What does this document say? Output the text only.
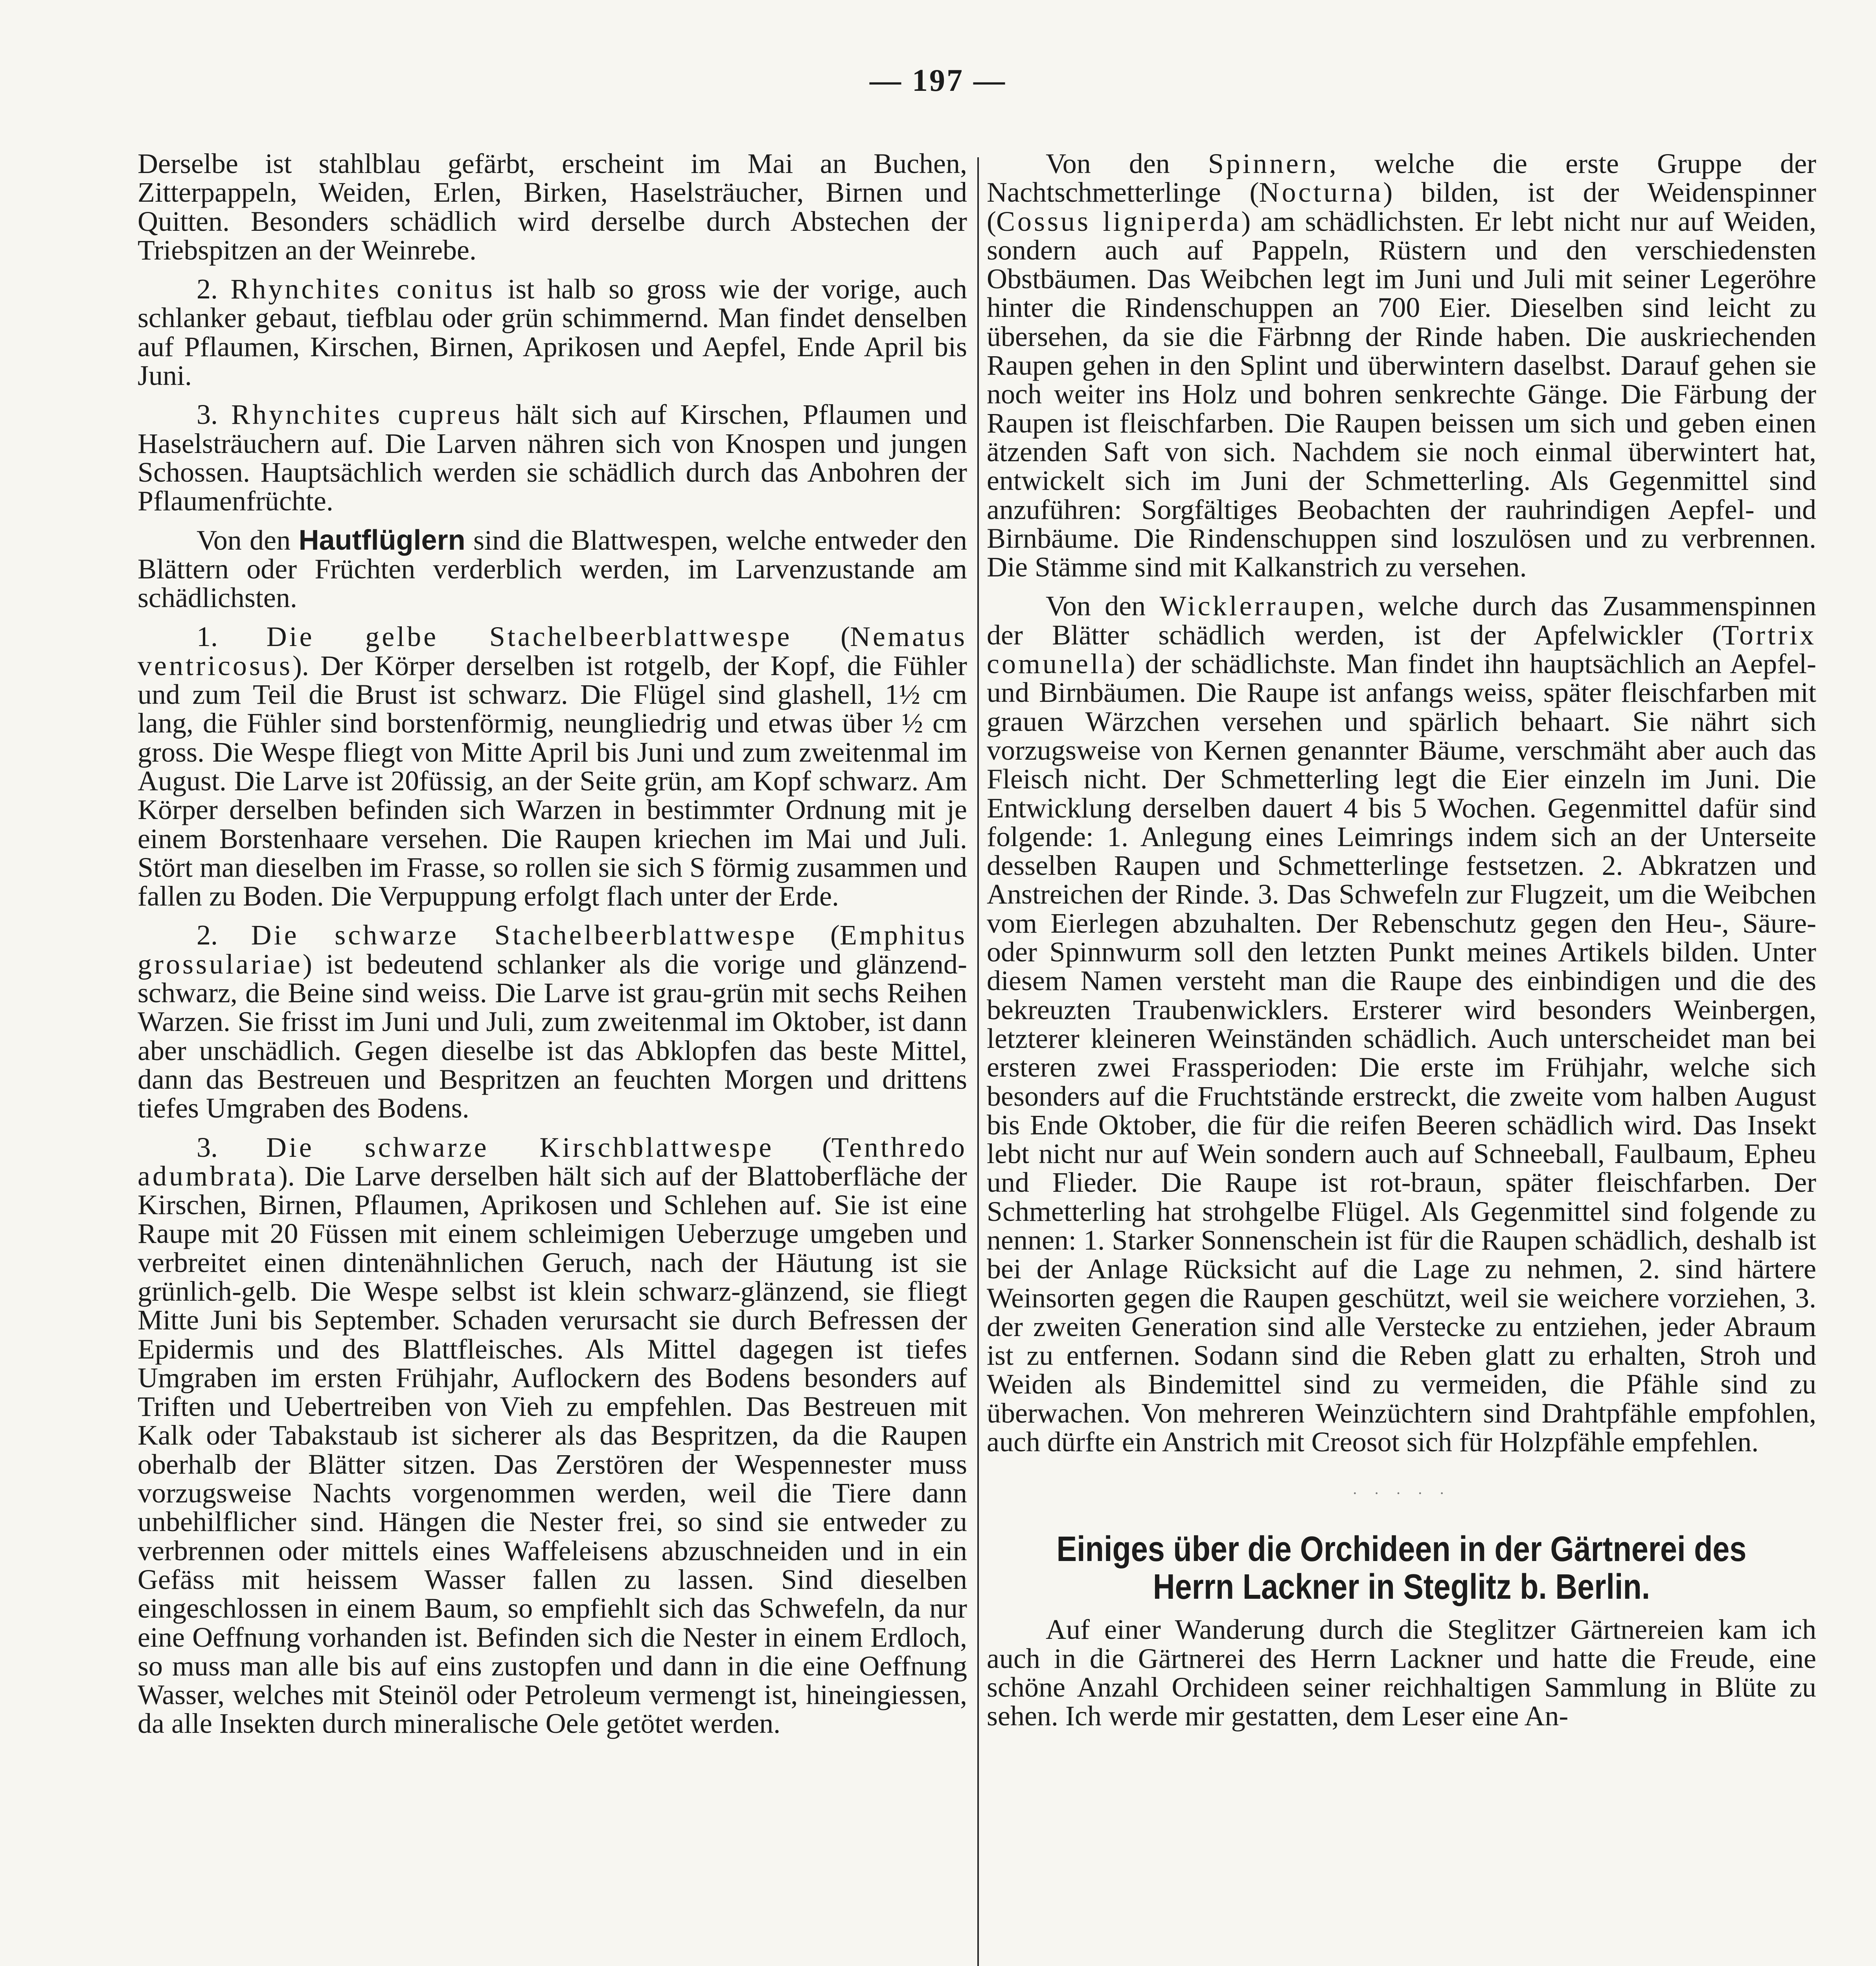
— 197 —

Derselbe ist stahlblau gefärbt, erscheint im Mai an Buchen, Zitterpappeln, Weiden, Erlen, Birken, Haselsträucher, Birnen und Quitten. Besonders schädlich wird derselbe durch Abstechen der Triebspitzen an der Weinrebe.

2. Rhynchites conitus ist halb so gross wie der vorige, auch schlanker gebaut, tiefblau oder grün schimmernd. Man findet denselben auf Pflaumen, Kirschen, Birnen, Aprikosen und Aepfel, Ende April bis Juni.

3. Rhynchites cupreus hält sich auf Kirschen, Pflaumen und Haselsträuchern auf. Die Larven nähren sich von Knospen und jungen Schossen. Hauptsächlich werden sie schädlich durch das Anbohren der Pflaumenfrüchte.

Von den Hautflüglern sind die Blattwespen, welche entweder den Blättern oder Früchten verderblich werden, im Larvenzustande am schädlichsten.

1. Die gelbe Stachelbeerblattwespe (Nematus ventricosus). Der Körper derselben ist rotgelb, der Kopf, die Fühler und zum Teil die Brust ist schwarz. Die Flügel sind glashell, 1½ cm lang, die Fühler sind borstenförmig, neungliedrig und etwas über ½ cm gross. Die Wespe fliegt von Mitte April bis Juni und zum zweitenmal im August. Die Larve ist 20füssig, an der Seite grün, am Kopf schwarz. Am Körper derselben befinden sich Warzen in bestimmter Ordnung mit je einem Borstenhaare versehen. Die Raupen kriechen im Mai und Juli. Stört man dieselben im Frasse, so rollen sie sich S förmig zusammen und fallen zu Boden. Die Verpuppung erfolgt flach unter der Erde.

2. Die schwarze Stachelbeerblattwespe (Emphitus grossulariae) ist bedeutend schlanker als die vorige und glänzend-schwarz, die Beine sind weiss. Die Larve ist grau-grün mit sechs Reihen Warzen. Sie frisst im Juni und Juli, zum zweitenmal im Oktober, ist dann aber unschädlich. Gegen dieselbe ist das Abklopfen das beste Mittel, dann das Bestreuen und Bespritzen an feuchten Morgen und drittens tiefes Umgraben des Bodens.

3. Die schwarze Kirschblattwespe (Tenthredo adumbrata). Die Larve derselben hält sich auf der Blattoberfläche der Kirschen, Birnen, Pflaumen, Aprikosen und Schlehen auf. Sie ist eine Raupe mit 20 Füssen mit einem schleimigen Ueberzuge umgeben und verbreitet einen dintenähnlichen Geruch, nach der Häutung ist sie grünlich-gelb. Die Wespe selbst ist klein schwarz-glänzend, sie fliegt Mitte Juni bis September. Schaden verursacht sie durch Befressen der Epidermis und des Blattfleisches. Als Mittel dagegen ist tiefes Umgraben im ersten Frühjahr, Auflockern des Bodens besonders auf Triften und Uebertreiben von Vieh zu empfehlen. Das Bestreuen mit Kalk oder Tabakstaub ist sicherer als das Bespritzen, da die Raupen oberhalb der Blätter sitzen. Das Zerstören der Wespennester muss vorzugsweise Nachts vorgenommen werden, weil die Tiere dann unbehilflicher sind. Hängen die Nester frei, so sind sie entweder zu verbrennen oder mittels eines Waffeleisens abzuschneiden und in ein Gefäss mit heissem Wasser fallen zu lassen. Sind dieselben eingeschlossen in einem Baum, so empfiehlt sich das Schwefeln, da nur eine Oeffnung vorhanden ist. Befinden sich die Nester in einem Erdloch, so muss man alle bis auf eins zustopfen und dann in die eine Oeffnung Wasser, welches mit Steinöl oder Petroleum vermengt ist, hineingiessen, da alle Insekten durch mineralische Oele getötet werden.

Von den Spinnern, welche die erste Gruppe der Nachtschmetterlinge (Nocturna) bilden, ist der Weidenspinner (Cossus ligniperda) am schädlichsten. Er lebt nicht nur auf Weiden, sondern auch auf Pappeln, Rüstern und den verschiedensten Obstbäumen. Das Weibchen legt im Juni und Juli mit seiner Legeröhre hinter die Rindenschuppen an 700 Eier. Dieselben sind leicht zu übersehen, da sie die Färbnng der Rinde haben. Die auskriechenden Raupen gehen in den Splint und überwintern daselbst. Darauf gehen sie noch weiter ins Holz und bohren senkrechte Gänge. Die Färbung der Raupen ist fleischfarben. Die Raupen beissen um sich und geben einen ätzenden Saft von sich. Nachdem sie noch einmal überwintert hat, entwickelt sich im Juni der Schmetterling. Als Gegenmittel sind anzuführen: Sorgfältiges Beobachten der rauhrindigen Aepfel- und Birnbäume. Die Rindenschuppen sind loszulösen und zu verbrennen. Die Stämme sind mit Kalkanstrich zu versehen.

Von den Wicklerraupen, welche durch das Zusammenspinnen der Blätter schädlich werden, ist der Apfelwickler (Tortrix comunella) der schädlichste. Man findet ihn hauptsächlich an Aepfel- und Birnbäumen. Die Raupe ist anfangs weiss, später fleischfarben mit grauen Wärzchen versehen und spärlich behaart. Sie nährt sich vorzugsweise von Kernen genannter Bäume, verschmäht aber auch das Fleisch nicht. Der Schmetterling legt die Eier einzeln im Juni. Die Entwicklung derselben dauert 4 bis 5 Wochen. Gegenmittel dafür sind folgende: 1. Anlegung eines Leimrings indem sich an der Unterseite desselben Raupen und Schmetterlinge festsetzen. 2. Abkratzen und Anstreichen der Rinde. 3. Das Schwefeln zur Flugzeit, um die Weibchen vom Eierlegen abzuhalten. Der Rebenschutz gegen den Heu-, Säure- oder Spinnwurm soll den letzten Punkt meines Artikels bilden. Unter diesem Namen versteht man die Raupe des einbindigen und die des bekreuzten Traubenwicklers. Ersterer wird besonders Weinbergen, letzterer kleineren Weinständen schädlich. Auch unterscheidet man bei ersteren zwei Frassperioden: Die erste im Frühjahr, welche sich besonders auf die Fruchtstände erstreckt, die zweite vom halben August bis Ende Oktober, die für die reifen Beeren schädlich wird. Das Insekt lebt nicht nur auf Wein sondern auch auf Schneeball, Faulbaum, Epheu und Flieder. Die Raupe ist rot-braun, später fleischfarben. Der Schmetterling hat strohgelbe Flügel. Als Gegenmittel sind folgende zu nennen: 1. Starker Sonnenschein ist für die Raupen schädlich, deshalb ist bei der Anlage Rücksicht auf die Lage zu nehmen, 2. sind härtere Weinsorten gegen die Raupen geschützt, weil sie weichere vorziehen, 3. der zweiten Generation sind alle Verstecke zu entziehen, jeder Abraum ist zu entfernen. Sodann sind die Reben glatt zu erhalten, Stroh und Weiden als Bindemittel sind zu vermeiden, die Pfähle sind zu überwachen. Von mehreren Weinzüchtern sind Drahtpfähle empfohlen, auch dürfte ein Anstrich mit Creosot sich für Holzpfähle empfehlen.

· · · · ·
Einiges über die Orchideen in der Gärtnerei des Herrn Lackner in Steglitz b. Berlin.

Auf einer Wanderung durch die Steglitzer Gärtnereien kam ich auch in die Gärtnerei des Herrn Lackner und hatte die Freude, eine schöne Anzahl Orchideen seiner reichhaltigen Sammlung in Blüte zu sehen. Ich werde mir gestatten, dem Leser eine An-
